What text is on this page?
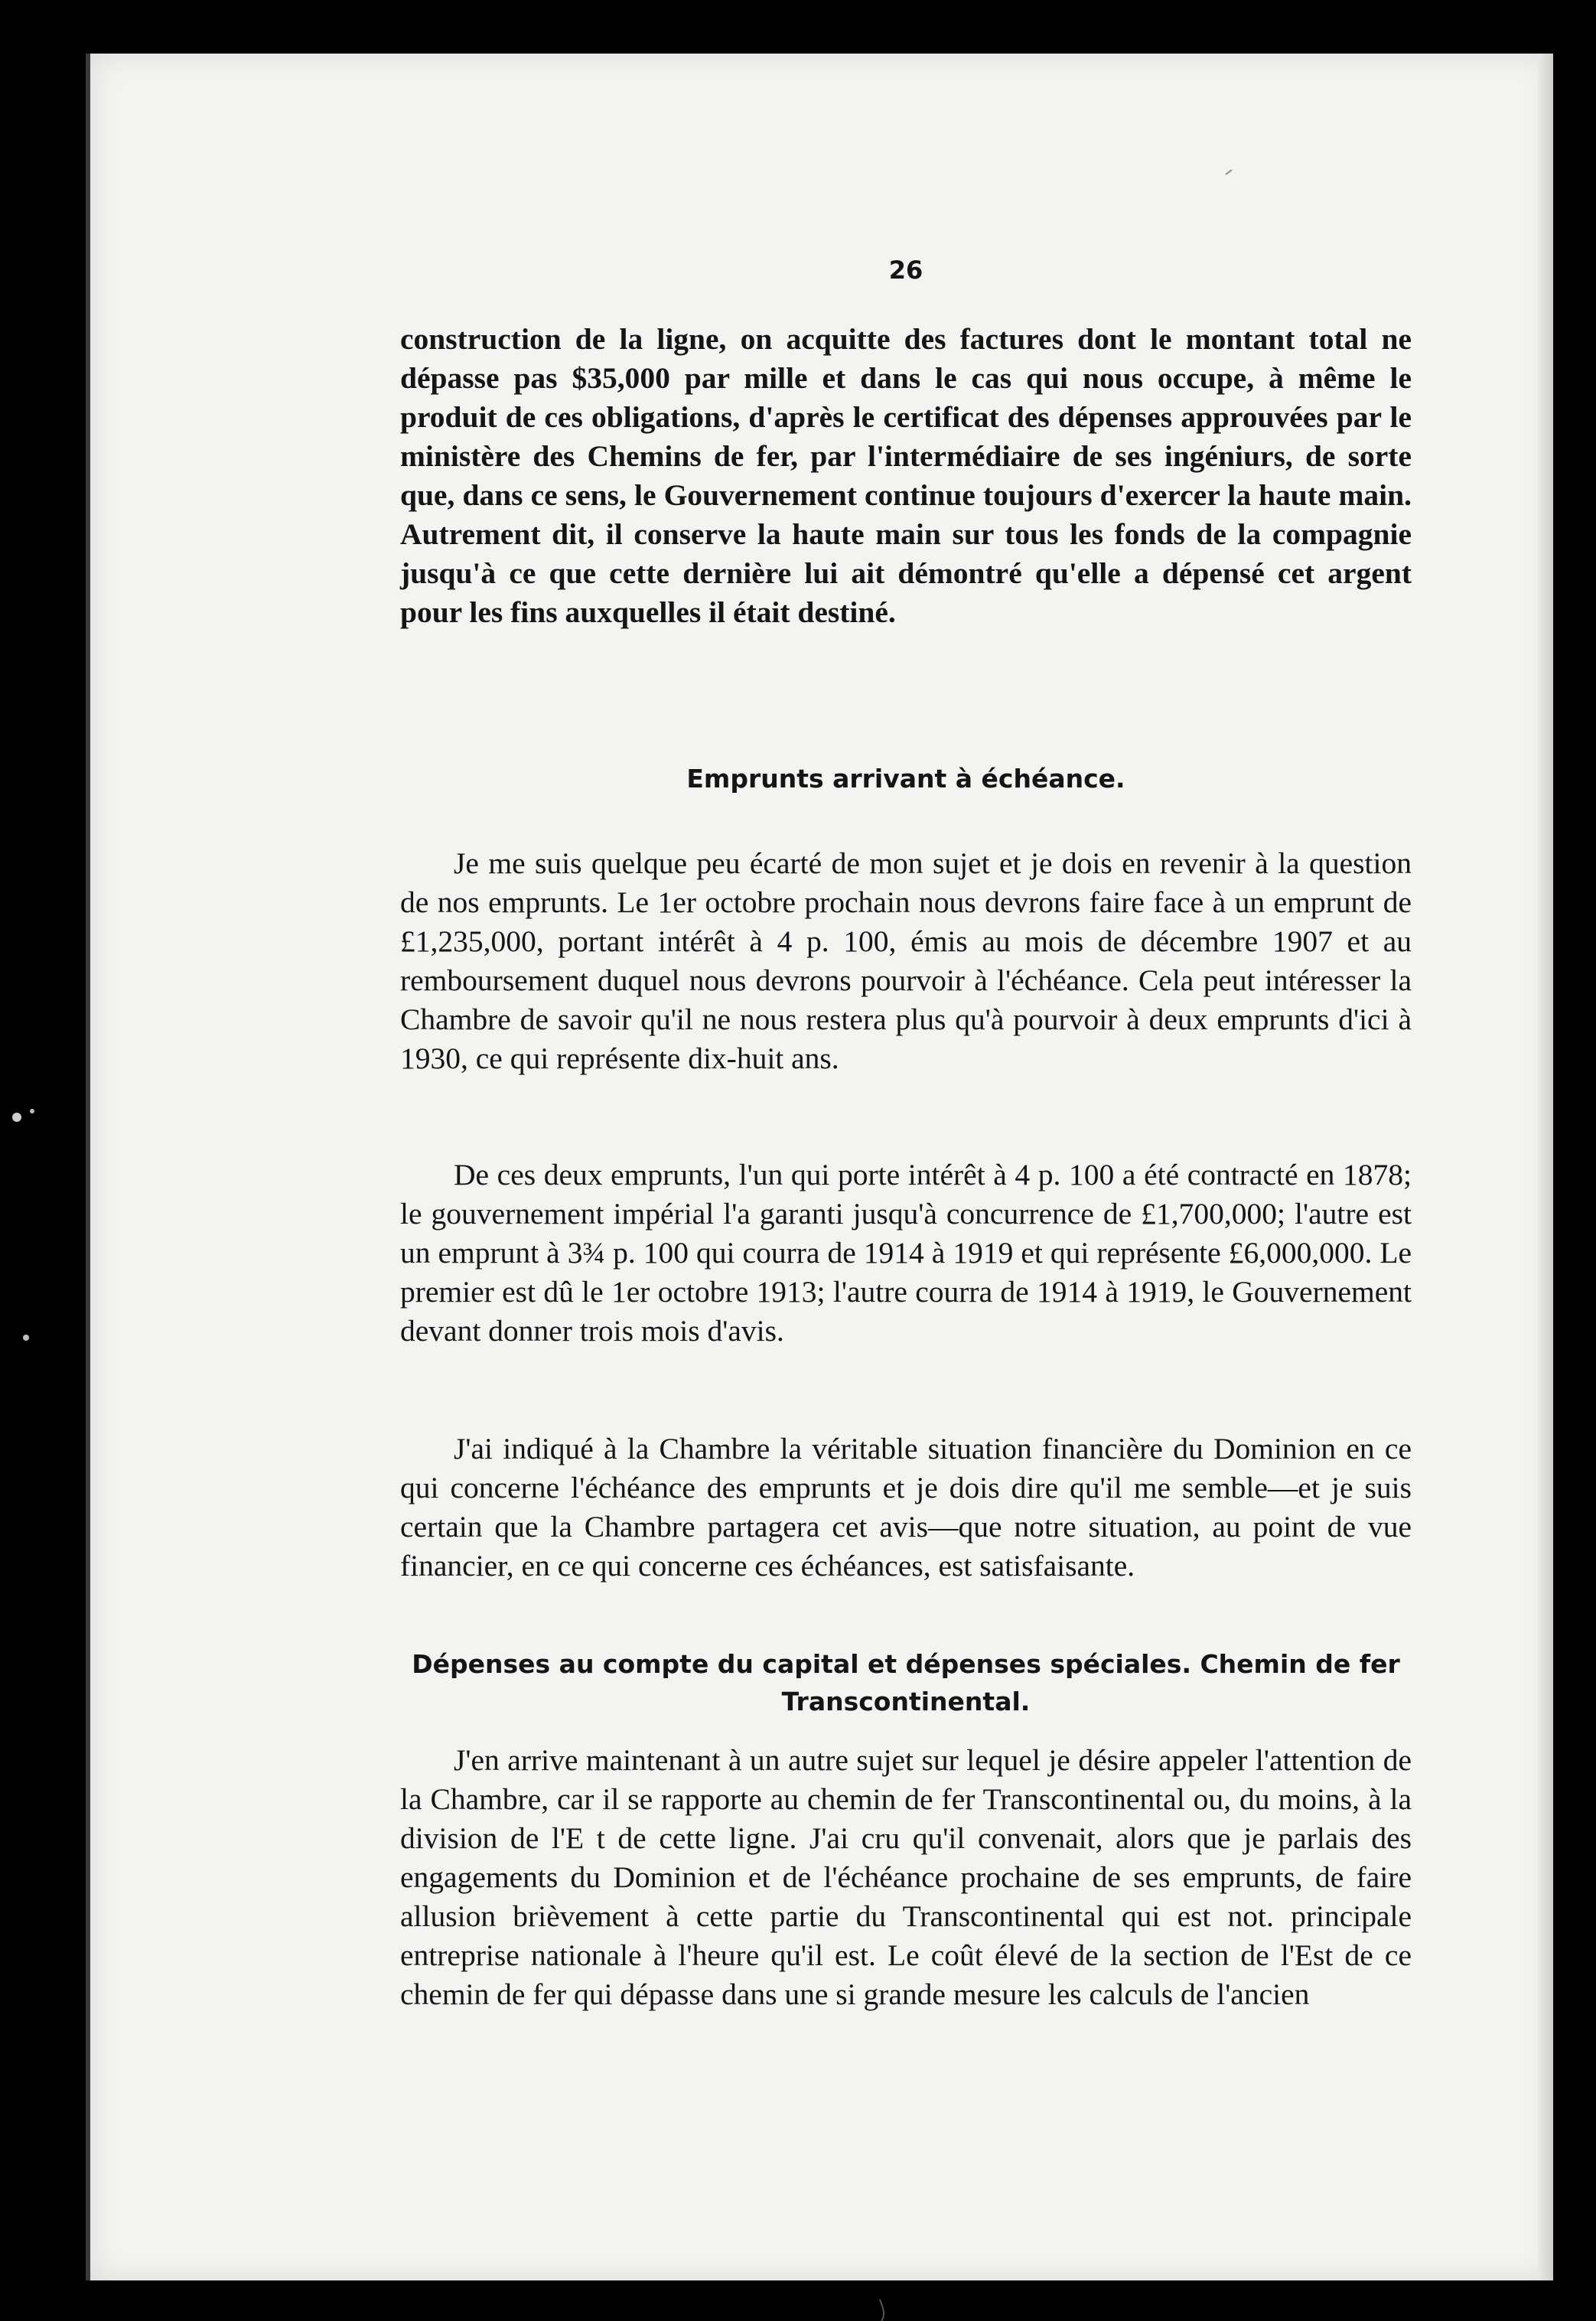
26

construction de la ligne, on acquitte des factures dont le montant total ne dépasse pas $35,000 par mille et dans le cas qui nous occupe, à même le produit de ces obligations, d'après le certificat des dépenses approuvées par le ministère des Chemins de fer, par l'intermédiaire de ses ingéniurs, de sorte que, dans ce sens, le Gouvernement continue toujours d'exercer la haute main. Autrement dit, il conserve la haute main sur tous les fonds de la compagnie jusqu'à ce que cette dernière lui ait démontré qu'elle a dépensé cet argent pour les fins auxquelles il était destiné.

Emprunts arrivant à échéance.

Je me suis quelque peu écarté de mon sujet et je dois en revenir à la question de nos emprunts. Le 1er octobre prochain nous devrons faire face à un emprunt de £1,235,000, portant intérêt à 4 p. 100, émis au mois de décembre 1907 et au remboursement duquel nous devrons pourvoir à l'échéance. Cela peut intéresser la Chambre de savoir qu'il ne nous restera plus qu'à pourvoir à deux emprunts d'ici à 1930, ce qui représente dix-huit ans.

De ces deux emprunts, l'un qui porte intérêt à 4 p. 100 a été contracté en 1878; le gouvernement impérial l'a garanti jusqu'à concurrence de £1,700,000; l'autre est un emprunt à 3¾ p. 100 qui courra de 1914 à 1919 et qui représente £6,000,000. Le premier est dû le 1er octobre 1913; l'autre courra de 1914 à 1919, le Gouvernement devant donner trois mois d'avis.

J'ai indiqué à la Chambre la véritable situation financière du Dominion en ce qui concerne l'échéance des emprunts et je dois dire qu'il me semble—et je suis certain que la Chambre partagera cet avis—que notre situation, au point de vue financier, en ce qui concerne ces échéances, est satisfaisante.

Dépenses au compte du capital et dépenses spéciales. Chemin de fer Transcontinental.

J'en arrive maintenant à un autre sujet sur lequel je désire appeler l'attention de la Chambre, car il se rapporte au chemin de fer Transcontinental ou, du moins, à la division de l'E t de cette ligne. J'ai cru qu'il convenait, alors que je parlais des engagements du Dominion et de l'échéance prochaine de ses emprunts, de faire allusion brièvement à cette partie du Transcontinental qui est not. principale entreprise nationale à l'heure qu'il est. Le coût élevé de la section de l'Est de ce chemin de fer qui dépasse dans une si grande mesure les calculs de l'ancien
